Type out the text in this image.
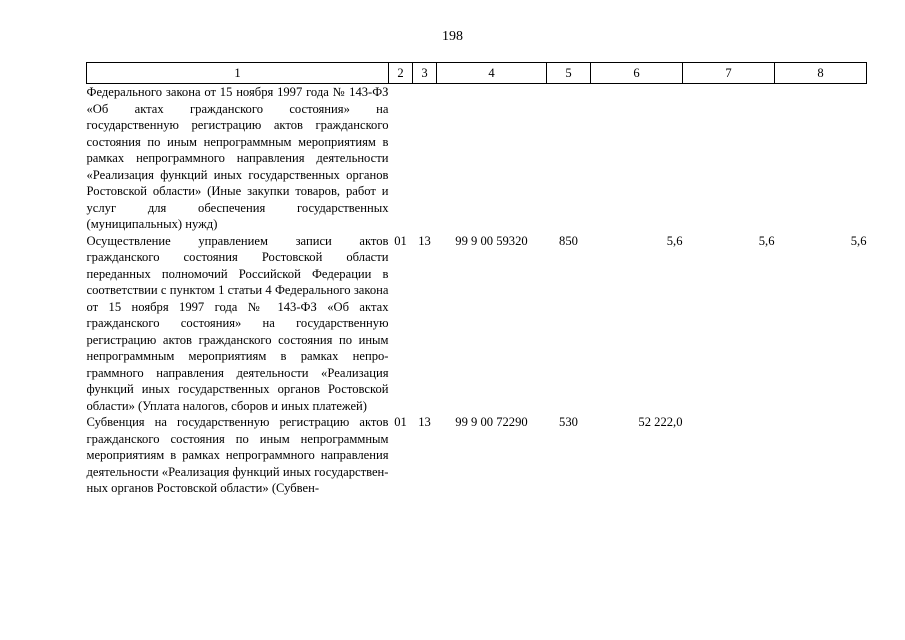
198
1	2	3	4	5	6	7	8
Федерального закона от 15 ноября 1997 года № 143-ФЗ «Об актах гражданского состояния» на государственную регистрацию актов гражданского состояния по иным непрограммным мероприятиям в рамках непрограммного направления деятельности «Реализация функций иных государственных органов Ростовской области» (Иные закупки товаров, работ и услуг для обеспечения государственных (муниципальных) нужд)							
Осуществление управлением записи актов гражданского состояния Ростовской области переданных полномочий Российской Федерации в соответствии с пунктом 1 статьи 4 Федерального закона от 15 ноября 1997 года № 143-ФЗ «Об актах гражданского состояния» на государственную регистрацию актов гражданского состояния по иным непрограммным мероприятиям в рамках непрограммного направления деятельности «Реализация функций иных государственных органов Ростовской области» (Уплата налогов, сборов и иных платежей)	01	13	99 9 00 59320	850	5,6	5,6	5,6
Субвенция на государственную регистрацию актов гражданского состояния по иным непрограммным мероприятиям в рамках непрограммного направления деятельности «Реализация функций иных государственных органов Ростовской области» (Субвен-	01	13	99 9 00 72290	530	52 222,0		
